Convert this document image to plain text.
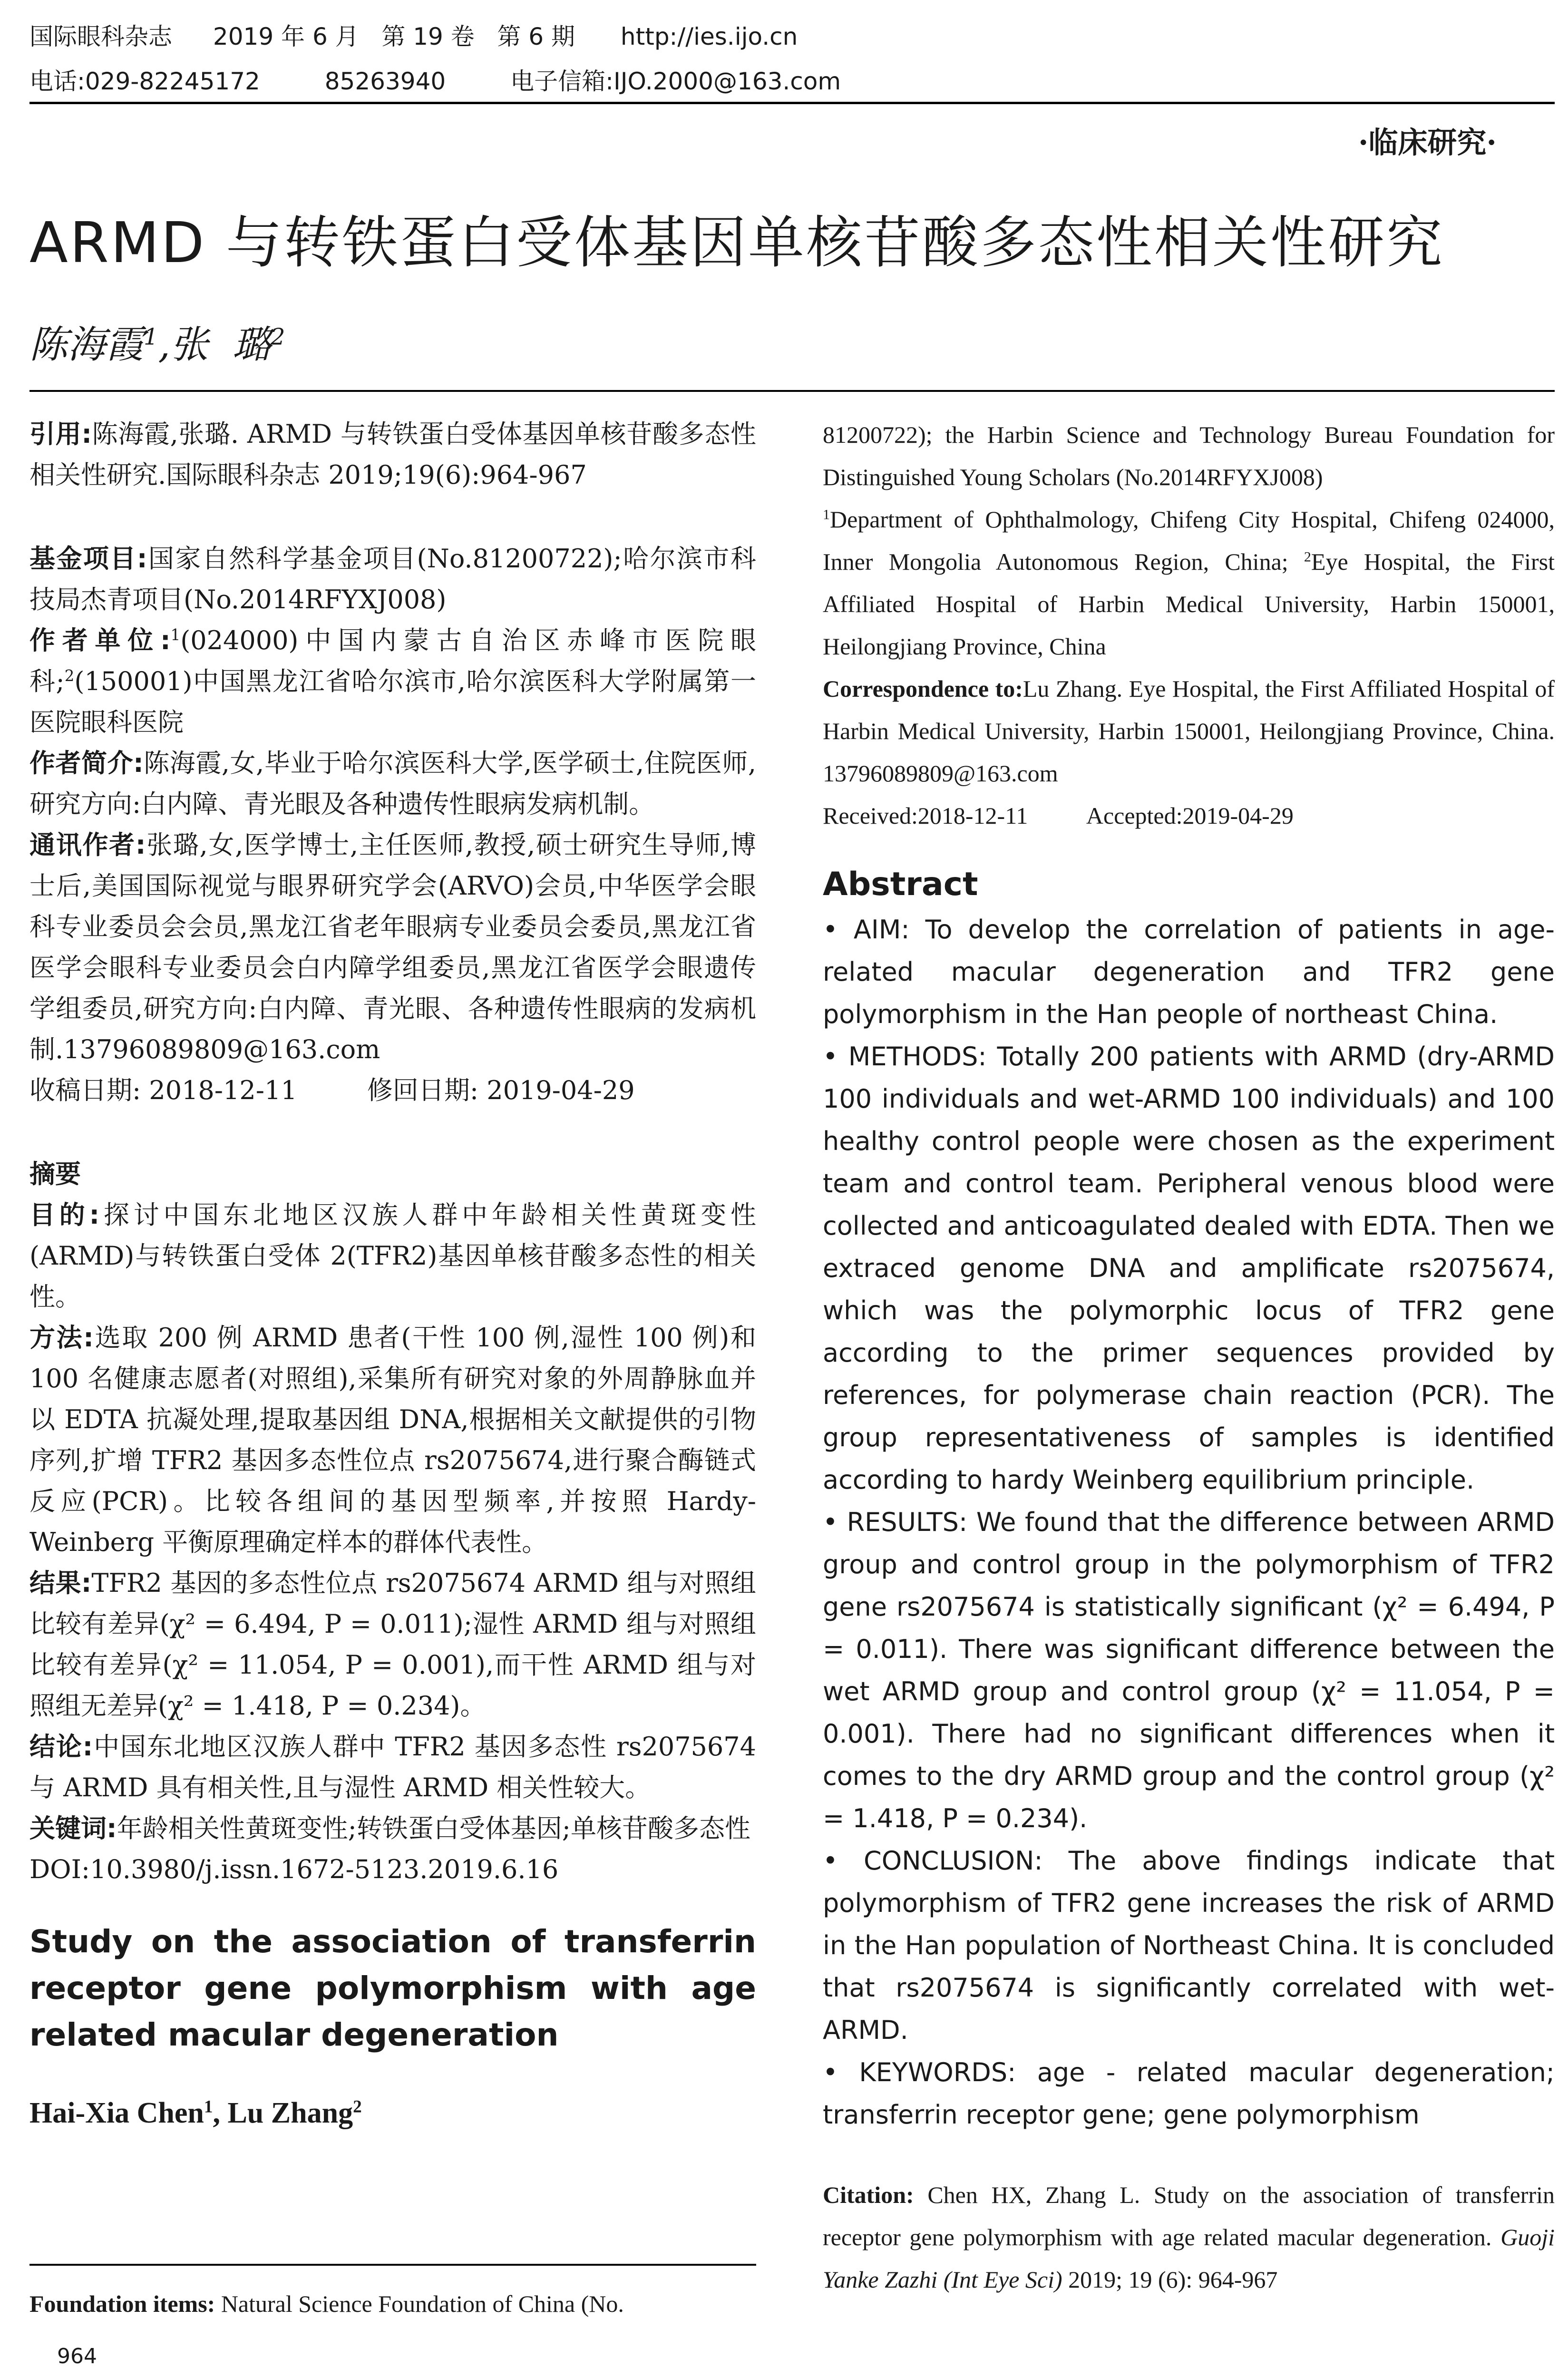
国际眼科杂志 2019 年 6 月   第 19 卷   第 6 期 http://ies.ijo.cn
电话:029-82245172	85263940	电子信箱:IJO.2000@163.com
·临床研究·
ARMD 与转铁蛋白受体基因单核苷酸多态性相关性研究
陈海霞$^1$,张  璐$^2$

引用:陈海霞,张璐. ARMD 与转铁蛋白受体基因单核苷酸多态性相关性研究.国际眼科杂志 2019;19(6):964-967

基金项目:国家自然科学基金项目(No.81200722);哈尔滨市科技局杰青项目(No.2014RFYXJ008)

作者单位:$^1$(024000)中国内蒙古自治区赤峰市医院眼科;$^2$(150001)中国黑龙江省哈尔滨市,哈尔滨医科大学附属第一医院眼科医院

作者简介:陈海霞,女,毕业于哈尔滨医科大学,医学硕士,住院医师,研究方向:白内障、青光眼及各种遗传性眼病发病机制。

通讯作者:张璐,女,医学博士,主任医师,教授,硕士研究生导师,博士后,美国国际视觉与眼界研究学会(ARVO)会员,中华医学会眼科专业委员会会员,黑龙江省老年眼病专业委员会委员,黑龙江省医学会眼科专业委员会白内障学组委员,黑龙江省医学会眼遗传学组委员,研究方向:白内障、青光眼、各种遗传性眼病的发病机制.13796089809@163.com

收稿日期: 2018-12-11	修回日期: 2019-04-29

摘要

目的:探讨中国东北地区汉族人群中年龄相关性黄斑变性(ARMD)与转铁蛋白受体 2(TFR2)基因单核苷酸多态性的相关性。

方法:选取 200 例 ARMD 患者(干性 100 例,湿性 100 例)和 100 名健康志愿者(对照组),采集所有研究对象的外周静脉血并以 EDTA 抗凝处理,提取基因组 DNA,根据相关文献提供的引物序列,扩增 TFR2 基因多态性位点 rs2075674,进行聚合酶链式反应(PCR)。比较各组间的基因型频率,并按照 Hardy-Weinberg 平衡原理确定样本的群体代表性。

结果:TFR2 基因的多态性位点 rs2075674 ARMD 组与对照组比较有差异(χ² = 6.494, P = 0.011);湿性 ARMD 组与对照组比较有差异(χ² = 11.054, P = 0.001),而干性 ARMD 组与对照组无差异(χ² = 1.418, P = 0.234)。

结论:中国东北地区汉族人群中 TFR2 基因多态性 rs2075674 与 ARMD 具有相关性,且与湿性 ARMD 相关性较大。

关键词:年龄相关性黄斑变性;转铁蛋白受体基因;单核苷酸多态性

DOI:10.3980/j.issn.1672-5123.2019.6.16

Study on the association of transferrin receptor gene polymorphism with age related macular degeneration

Hai-Xia Chen$^1$, Lu Zhang$^2$

Foundation items: Natural Science Foundation of China (No.

964

81200722); the Harbin Science and Technology Bureau Foundation for Distinguished Young Scholars (No.2014RFYXJ008)

$^1$Department of Ophthalmology, Chifeng City Hospital, Chifeng 024000, Inner Mongolia Autonomous Region, China; $^2$Eye Hospital, the First Affiliated Hospital of Harbin Medical University, Harbin 150001, Heilongjiang Province, China

Correspondence to:Lu Zhang. Eye Hospital, the First Affiliated Hospital of Harbin Medical University, Harbin 150001, Heilongjiang Province, China. 13796089809@163.com

Received:2018-12-11 Accepted:2019-04-29

Abstract

• AIM: To develop the correlation of patients in age-related macular degeneration and TFR2 gene polymorphism in the Han people of northeast China.

• METHODS: Totally 200 patients with ARMD (dry-ARMD 100 individuals and wet-ARMD 100 individuals) and 100 healthy control people were chosen as the experiment team and control team. Peripheral venous blood were collected and anticoagulated dealed with EDTA. Then we extraced genome DNA and amplificate rs2075674, which was the polymorphic locus of TFR2 gene according to the primer sequences provided by references, for polymerase chain reaction (PCR). The group representativeness of samples is identified according to hardy Weinberg equilibrium principle.

• RESULTS: We found that the difference between ARMD group and control group in the polymorphism of TFR2 gene rs2075674 is statistically significant (χ² = 6.494, P = 0.011). There was significant difference between the wet ARMD group and control group (χ² = 11.054, P = 0.001). There had no significant differences when it comes to the dry ARMD group and the control group (χ² = 1.418, P = 0.234).

• CONCLUSION: The above findings indicate that polymorphism of TFR2 gene increases the risk of ARMD in the Han population of Northeast China. It is concluded that rs2075674 is significantly correlated with wet-ARMD.

• KEYWORDS: age - related macular degeneration; transferrin receptor gene; gene polymorphism

Citation: Chen HX, Zhang L. Study on the association of transferrin receptor gene polymorphism with age related macular degeneration. Guoji Yanke Zazhi (Int Eye Sci) 2019; 19 (6): 964-967
